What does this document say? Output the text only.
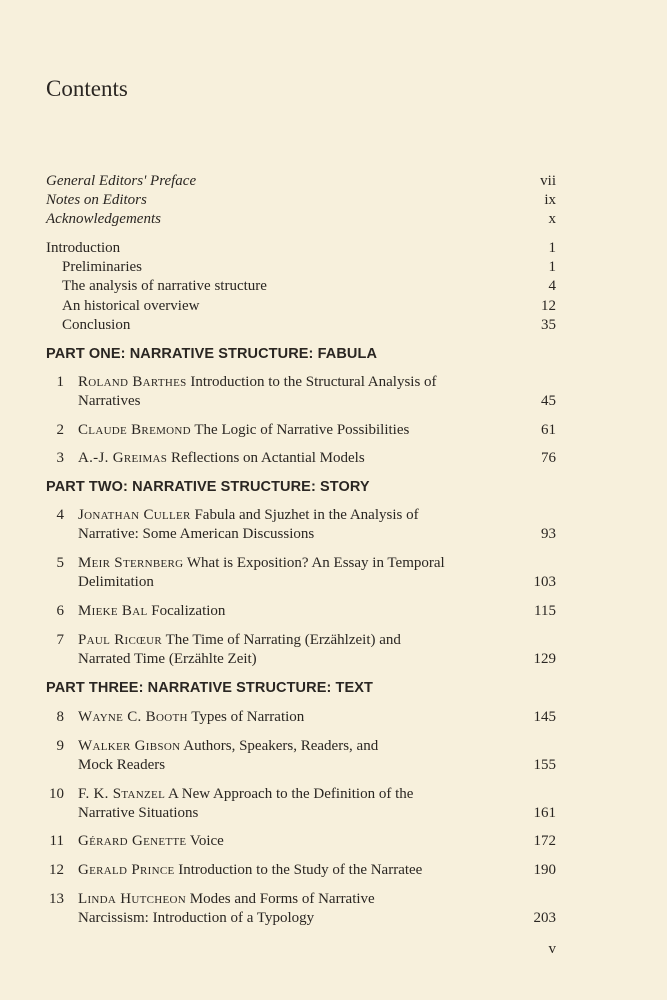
Contents
General Editors' Preface	vii
Notes on Editors	ix
Acknowledgements	x
Introduction	1
Preliminaries	1
The analysis of narrative structure	4
An historical overview	12
Conclusion	35
PART ONE: NARRATIVE STRUCTURE: FABULA
1 Roland Barthes Introduction to the Structural Analysis of
Narratives	45
2 Claude Bremond The Logic of Narrative Possibilities	61
3 A.-J. Greimas Reflections on Actantial Models	76
PART TWO: NARRATIVE STRUCTURE: STORY
4 Jonathan Culler Fabula and Sjuzhet in the Analysis of
Narrative: Some American Discussions	93
5 Meir Sternberg What is Exposition? An Essay in Temporal
Delimitation	103
6 Mieke Bal Focalization	115
7 Paul Ricœur The Time of Narrating (Erzählzeit) and
Narrated Time (Erzählte Zeit)	129
PART THREE: NARRATIVE STRUCTURE: TEXT
8 Wayne C. Booth Types of Narration	145
9 Walker Gibson Authors, Speakers, Readers, and
Mock Readers	155
10 F. K. Stanzel A New Approach to the Definition of the
Narrative Situations	161
11 Gérard Genette Voice	172
12 Gerald Prince Introduction to the Study of the Narratee	190
13 Linda Hutcheon Modes and Forms of Narrative
Narcissism: Introduction of a Typology	203
v
